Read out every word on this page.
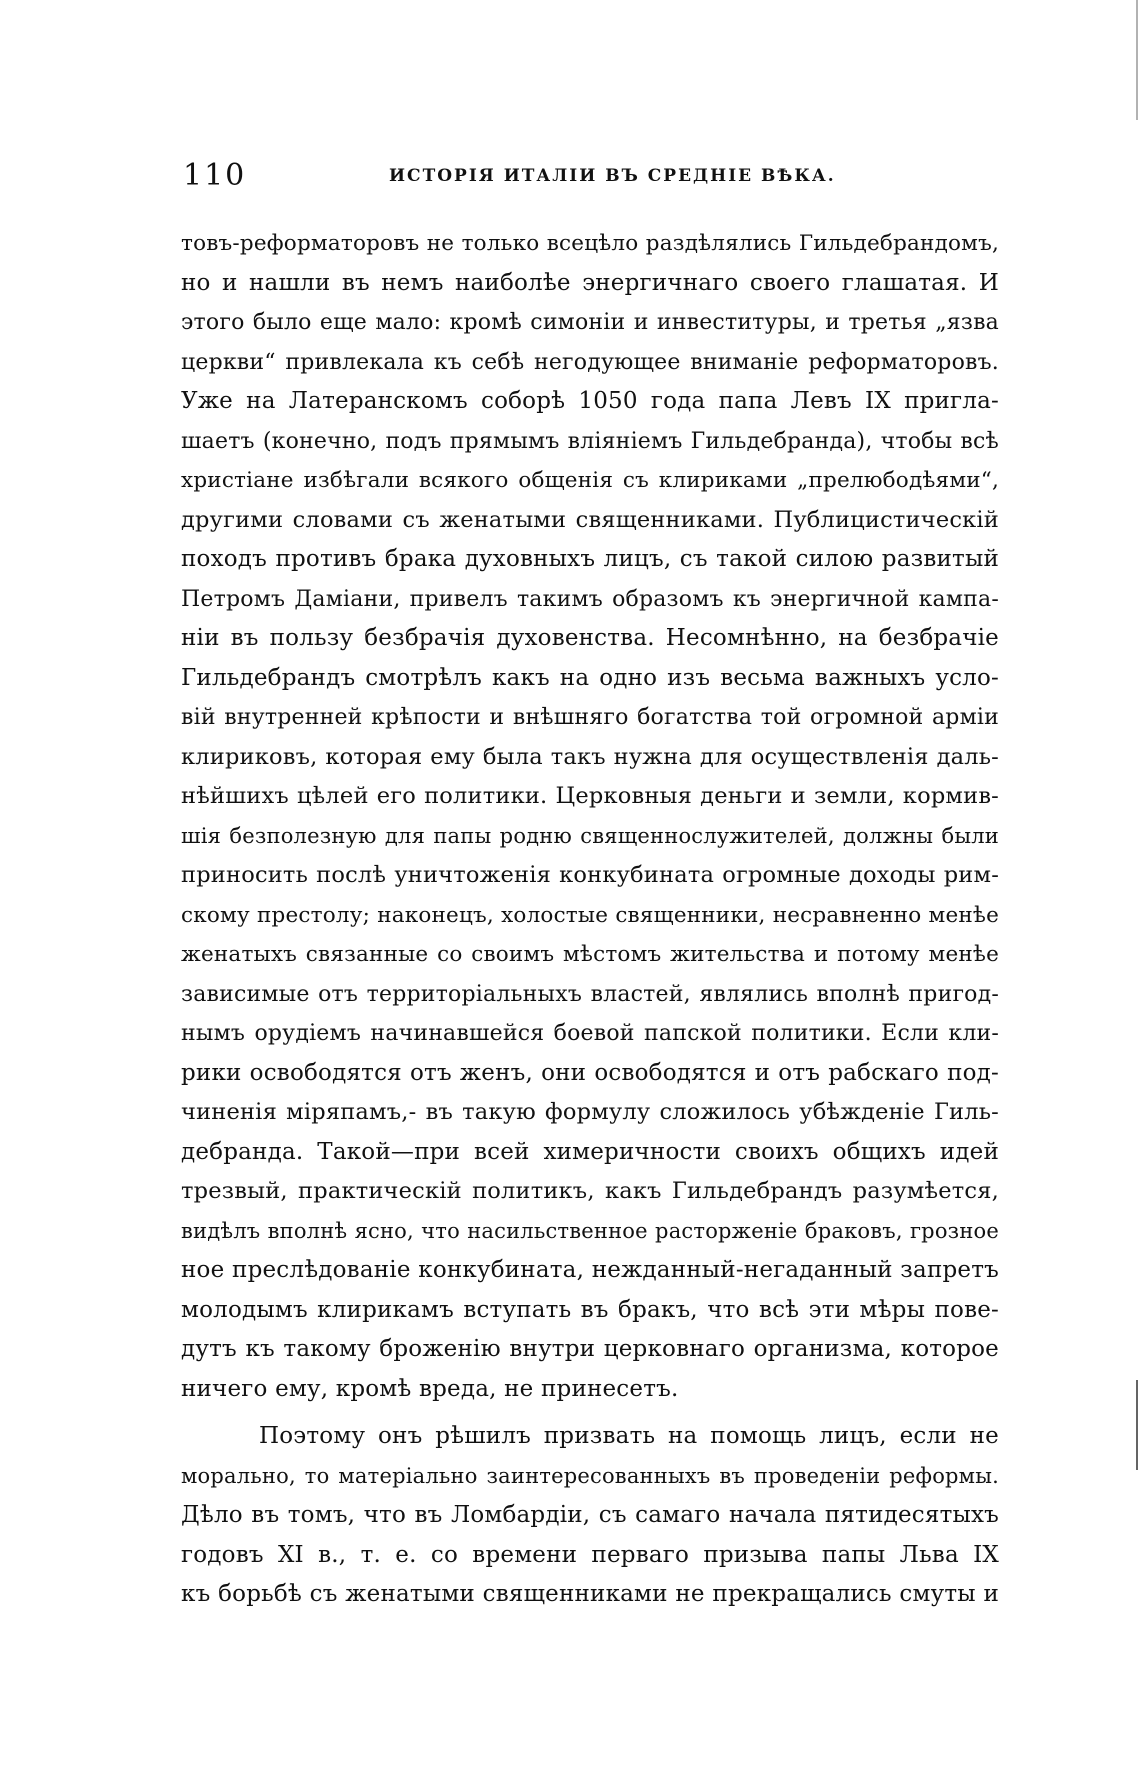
110	ИСТОРІЯ ИТАЛІИ ВЪ СРЕДНІЕ ВѢКА.
товъ-реформаторовъ не только всецѣло раздѣлялись Гильдебрандомъ,
но и нашли въ немъ наиболѣе энергичнаго своего глашатая. И
этого было еще мало: кромѣ симоніи и инвеституры, и третья „язва
церкви“ привлекала къ себѣ негодующее вниманіе реформаторовъ.
Уже на Латеранскомъ соборѣ 1050 года папа Левъ IX пригла-
шаетъ (конечно, подъ прямымъ вліяніемъ Гильдебранда), чтобы всѣ
христіане избѣгали всякого общенія съ клириками „прелюбодѣями“,
другими словами съ женатыми священниками. Публицистическій
походъ противъ брака духовныхъ лицъ, съ такой силою развитый
Петромъ Даміани, привелъ такимъ образомъ къ энергичной кампа-
ніи въ пользу безбрачія духовенства. Несомнѣнно, на безбрачіе
Гильдебрандъ смотрѣлъ какъ на одно изъ весьма важныхъ усло-
вій внутренней крѣпости и внѣшняго богатства той огромной арміи
клириковъ, которая ему была такъ нужна для осуществленія даль-
нѣйшихъ цѣлей его политики. Церковныя деньги и земли, кормив-
шія безполезную для папы родню священнослужителей, должны были
приносить послѣ уничтоженія конкубината огромные доходы рим-
скому престолу; наконецъ, холостые священники, несравненно менѣе
женатыхъ связанные со своимъ мѣстомъ жительства и потому менѣе
зависимые отъ территоріальныхъ властей, являлись вполнѣ пригод-
нымъ орудіемъ начинавшейся боевой папской политики. Если кли-
рики освободятся отъ женъ, они освободятся и отъ рабскаго под-
чиненія міряпамъ,- въ такую формулу сложилось убѣжденіе Гиль-
дебранда. Такой—при всей химеричности своихъ общихъ идей
трезвый, практическій политикъ, какъ Гильдебрандъ разумѣется,
видѣлъ вполнѣ ясно, что насильственное расторженіе браковъ, грозное
ное преслѣдованіе конкубината, нежданный-негаданный запретъ
молодымъ клирикамъ вступать въ бракъ, что всѣ эти мѣры пове-
дутъ къ такому броженію внутри церковнаго организма, которое
ничего ему, кромѣ вреда, не принесетъ.
Поэтому онъ рѣшилъ призвать на помощь лицъ, если не
морально, то матеріально заинтересованныхъ въ проведеніи реформы.
Дѣло въ томъ, что въ Ломбардіи, съ самаго начала пятидесятыхъ
годовъ XI в., т. е. со времени перваго призыва папы Льва IX
къ борьбѣ съ женатыми священниками не прекращались смуты и
